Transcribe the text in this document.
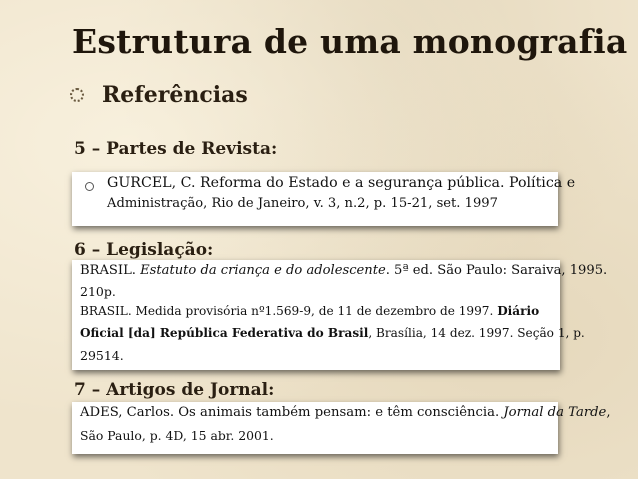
Estrutura de uma monografia
Referências
5 – Partes de Revista:
GURCEL, C. Reforma do Estado e a segurança pública. Política e
Administração, Rio de Janeiro, v. 3, n.2, p. 15-21, set. 1997
6 – Legislação:
BRASIL. Estatuto da criança e do adolescente. 5ª ed. São Paulo: Saraiva, 1995.
210p.
BRASIL. Medida provisória nº1.569-9, de 11 de dezembro de 1997. Diário
Oficial [da] República Federativa do Brasil, Brasília, 14 dez. 1997. Seção 1, p.
29514.
7 – Artigos de Jornal:
ADES, Carlos. Os animais também pensam: e têm consciência. Jornal da Tarde,
São Paulo, p. 4D, 15 abr. 2001.
